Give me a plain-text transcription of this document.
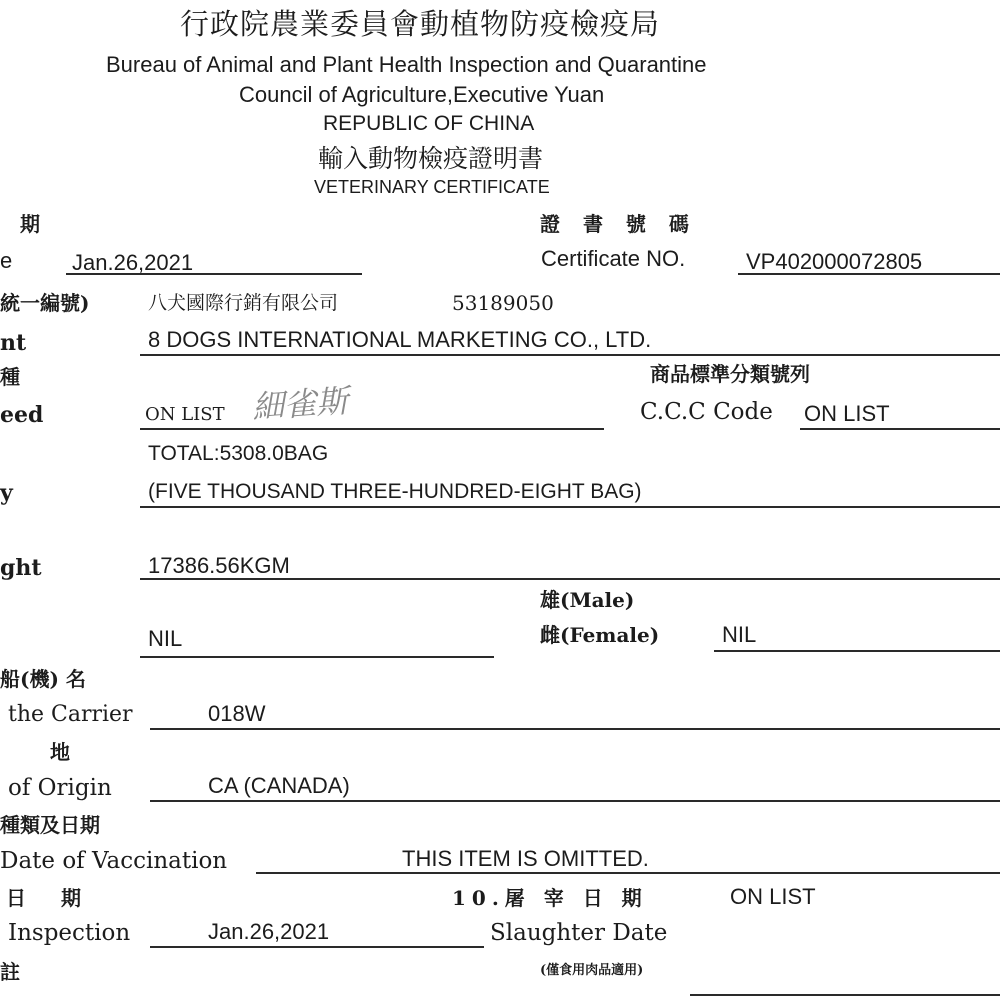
行政院農業委員會動植物防疫檢疫局
Bureau of Animal and Plant Health Inspection and Quarantine
Council of Agriculture,Executive Yuan
REPUBLIC OF CHINA
輸入動物檢疫證明書
VETERINARY CERTIFICATE
期	證 書 號 碼
e	Jan.26,2021	Certificate NO.	VP402000072805
統一編號)	八犬國際行銷有限公司	53189050
nt	8 DOGS INTERNATIONAL MARKETING CO., LTD.
種	商品標準分類號列
eed	ON LIST 細雀斯	C.C.C Code ON LIST
TOTAL:5308.0BAG
y	(FIVE THOUSAND THREE-HUNDRED-EIGHT BAG)
ght	17386.56KGM
雄(Male)
NIL	雌(Female)	NIL
船(機) 名
the Carrier	018W
地
of Origin	CA (CANADA)
種類及日期
Date of Vaccination	THIS ITEM IS OMITTED.
日 期	10.屠 宰 日 期	ON LIST
Inspection	Jan.26,2021	Slaughter Date
(僅食用肉品適用)
註
